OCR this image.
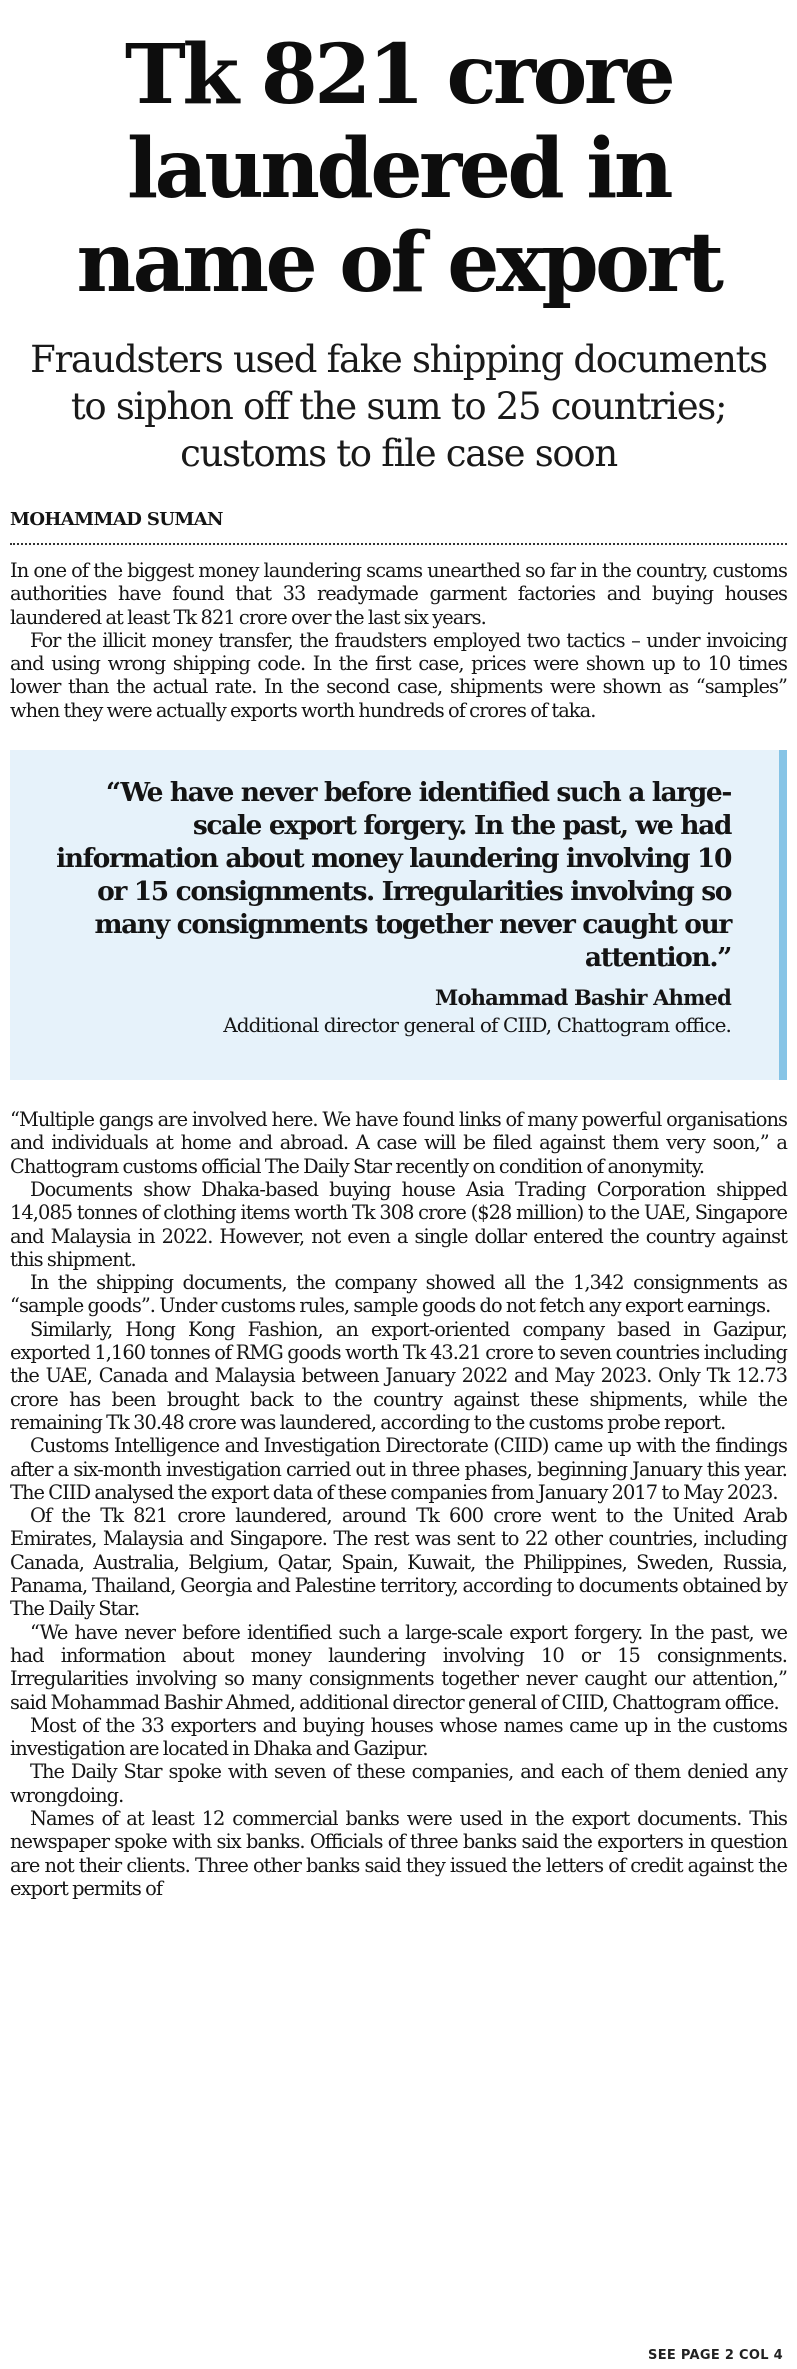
Tk 821 crore
laundered in
name of export
Fraudsters used fake shipping documents to siphon off the sum to 25 countries; customs to file case soon
MOHAMMAD SUMAN

In one of the biggest money laundering scams unearthed so far in the country, customs authorities have found that 33 readymade garment factories and buying houses laundered at least Tk 821 crore over the last six years.

For the illicit money transfer, the fraudsters employed two tactics – under invoicing and using wrong shipping code. In the first case, prices were shown up to 10 times lower than the actual rate. In the second case, shipments were shown as “samples” when they were actually exports worth hundreds of crores of taka.

“We have never before identified such a large-scale export forgery. In the past, we had information about money laundering involving 10 or 15 consignments. Irregularities involving so many consignments together never caught our attention.”

Mohammad Bashir Ahmed
Additional director general of CIID, Chattogram office.

“Multiple gangs are involved here. We have found links of many powerful organisations and individuals at home and abroad. A case will be filed against them very soon,” a Chattogram customs official The Daily Star recently on condition of anonymity.

Documents show Dhaka-based buying house Asia Trading Corporation shipped 14,085 tonnes of clothing items worth Tk 308 crore ($28 million) to the UAE, Singapore and Malaysia in 2022. However, not even a single dollar entered the country against this shipment.

In the shipping documents, the company showed all the 1,342 consignments as “sample goods”. Under customs rules, sample goods do not fetch any export earnings.

Similarly, Hong Kong Fashion, an export-oriented company based in Gazipur, exported 1,160 tonnes of RMG goods worth Tk 43.21 crore to seven countries including the UAE, Canada and Malaysia between January 2022 and May 2023. Only Tk 12.73 crore has been brought back to the country against these shipments, while the remaining Tk 30.48 crore was laundered, according to the customs probe report.

Customs Intelligence and Investigation Directorate (CIID) came up with the findings after a six-month investigation carried out in three phases, beginning January this year. The CIID analysed the export data of these companies from January 2017 to May 2023.

Of the Tk 821 crore laundered, around Tk 600 crore went to the United Arab Emirates, Malaysia and Singapore. The rest was sent to 22 other countries, including Canada, Australia, Belgium, Qatar, Spain, Kuwait, the Philippines, Sweden, Russia, Panama, Thailand, Georgia and Palestine territory, according to documents obtained by The Daily Star.

“We have never before identified such a large-scale export forgery. In the past, we had information about money laundering involving 10 or 15 consignments. Irregularities involving so many consignments together never caught our attention,” said Mohammad Bashir Ahmed, additional director general of CIID, Chattogram office.

Most of the 33 exporters and buying houses whose names came up in the customs investigation are located in Dhaka and Gazipur.

The Daily Star spoke with seven of these companies, and each of them denied any wrongdoing.

Names of at least 12 commercial banks were used in the export documents. This newspaper spoke with six banks. Officials of three banks said the exporters in question are not their clients. Three other banks said they issued the letters of credit against the export permits of

SEE PAGE 2 COL 4
